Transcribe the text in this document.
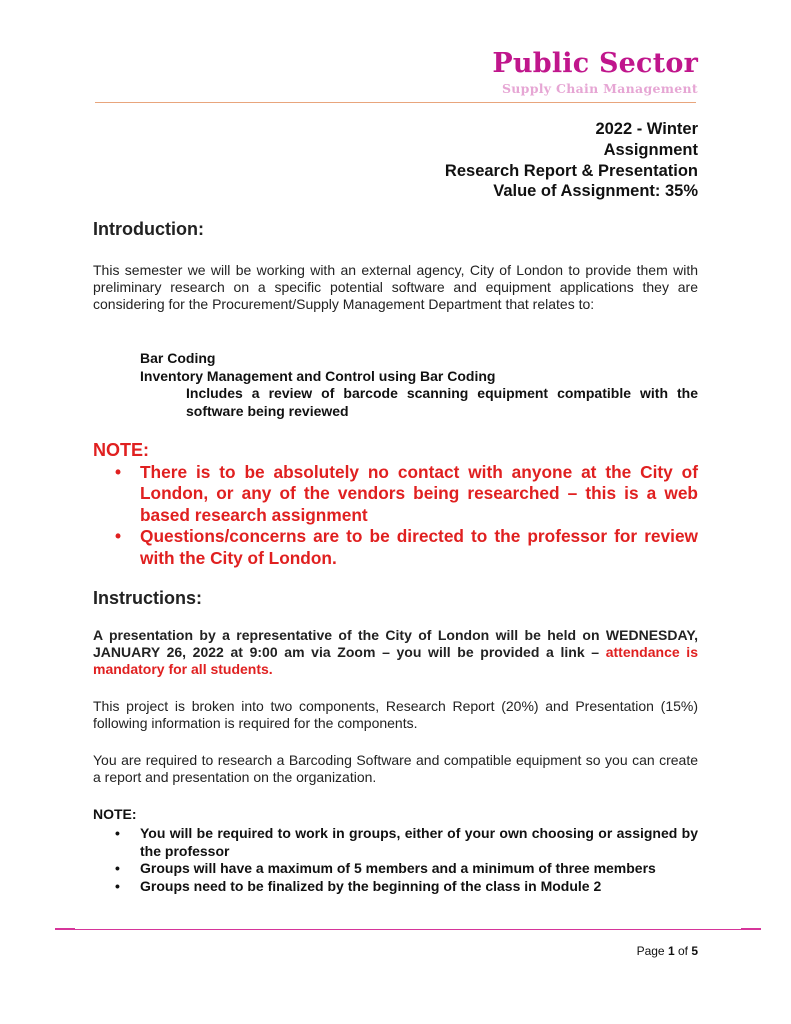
Public Sector
Supply Chain Management
2022 - Winter
Assignment
Research Report & Presentation
Value of Assignment: 35%
Introduction:
This semester we will be working with an external agency, City of London to provide them with preliminary research on a specific potential software and equipment applications they are considering for the Procurement/Supply Management Department that relates to:
Bar Coding
Inventory Management and Control using Bar Coding
Includes a review of barcode scanning equipment compatible with the software being reviewed
NOTE:
• There is to be absolutely no contact with anyone at the City of London, or any of the vendors being researched – this is a web based research assignment
• Questions/concerns are to be directed to the professor for review with the City of London.
Instructions:
A presentation by a representative of the City of London will be held on WEDNESDAY, JANUARY 26, 2022 at 9:00 am via Zoom – you will be provided a link – attendance is mandatory for all students.
This project is broken into two components, Research Report (20%) and Presentation (15%) following information is required for the components.
You are required to research a Barcoding Software and compatible equipment so you can create a report and presentation on the organization.
NOTE:
• You will be required to work in groups, either of your own choosing or assigned by the professor
• Groups will have a maximum of 5 members and a minimum of three members
• Groups need to be finalized by the beginning of the class in Module 2
Page 1 of 5
